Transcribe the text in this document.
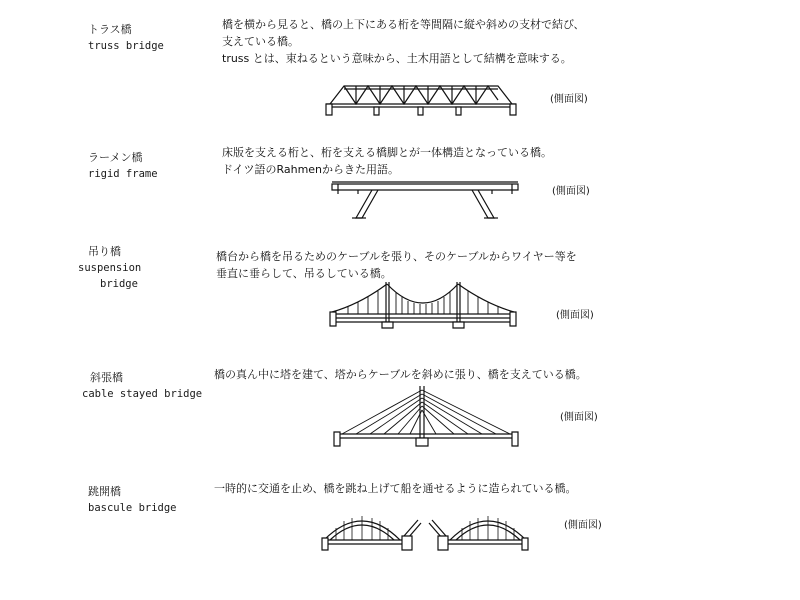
トラス橋
truss bridge
橋を横から見ると、橋の上下にある桁を等間隔に縦や斜めの支材で結び、
支えている橋。
truss とは、束ねるという意味から、土木用語として結構を意味する。
(側面図)
ラーメン橋
rigid frame
床版を支える桁と、桁を支える橋脚とが一体構造となっている橋。
ドイツ語のRahmenからきた用語。
(側面図)
吊り橋
suspension
bridge
橋台から橋を吊るためのケーブルを張り、そのケーブルからワイヤー等を
垂直に垂らして、吊るしている橋。
(側面図)
斜張橋
cable stayed bridge
橋の真ん中に塔を建て、塔からケーブルを斜めに張り、橋を支えている橋。
(側面図)
跳開橋
bascule bridge
一時的に交通を止め、橋を跳ね上げて船を通せるように造られている橋。
(側面図)
